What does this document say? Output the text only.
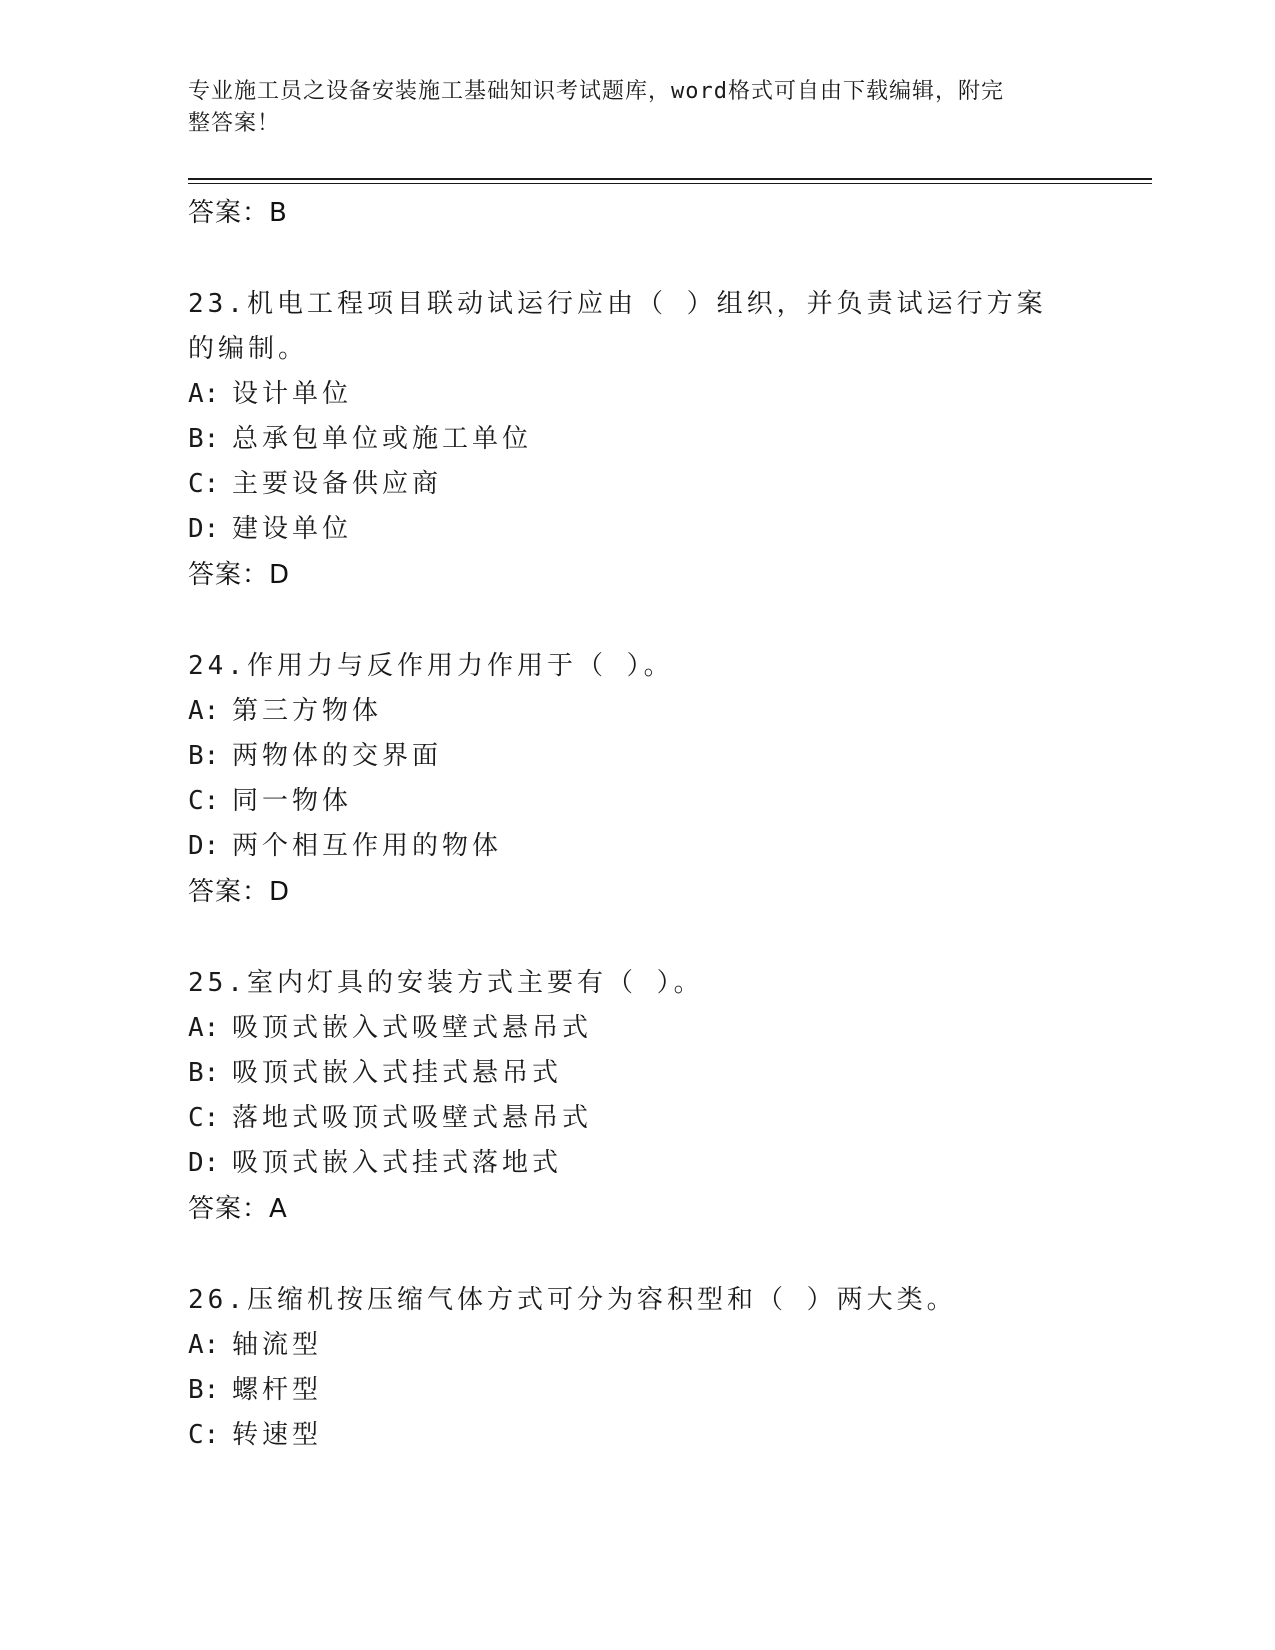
专业施工员之设备安装施工基础知识考试题库，word格式可自由下载编辑，附完
整答案！
答案：B

23.机电工程项目联动试运行应由（ ）组织，并负责试运行方案的编制。

A: 设计单位

B: 总承包单位或施工单位

C: 主要设备供应商

D: 建设单位

答案：D

24.作用力与反作用力作用于（ ）。

A: 第三方物体

B: 两物体的交界面

C: 同一物体

D: 两个相互作用的物体

答案：D

25.室内灯具的安装方式主要有（ ）。

A: 吸顶式嵌入式吸壁式悬吊式

B: 吸顶式嵌入式挂式悬吊式

C: 落地式吸顶式吸壁式悬吊式

D: 吸顶式嵌入式挂式落地式

答案：A

26.压缩机按压缩气体方式可分为容积型和（ ）两大类。

A: 轴流型

B: 螺杆型

C: 转速型
